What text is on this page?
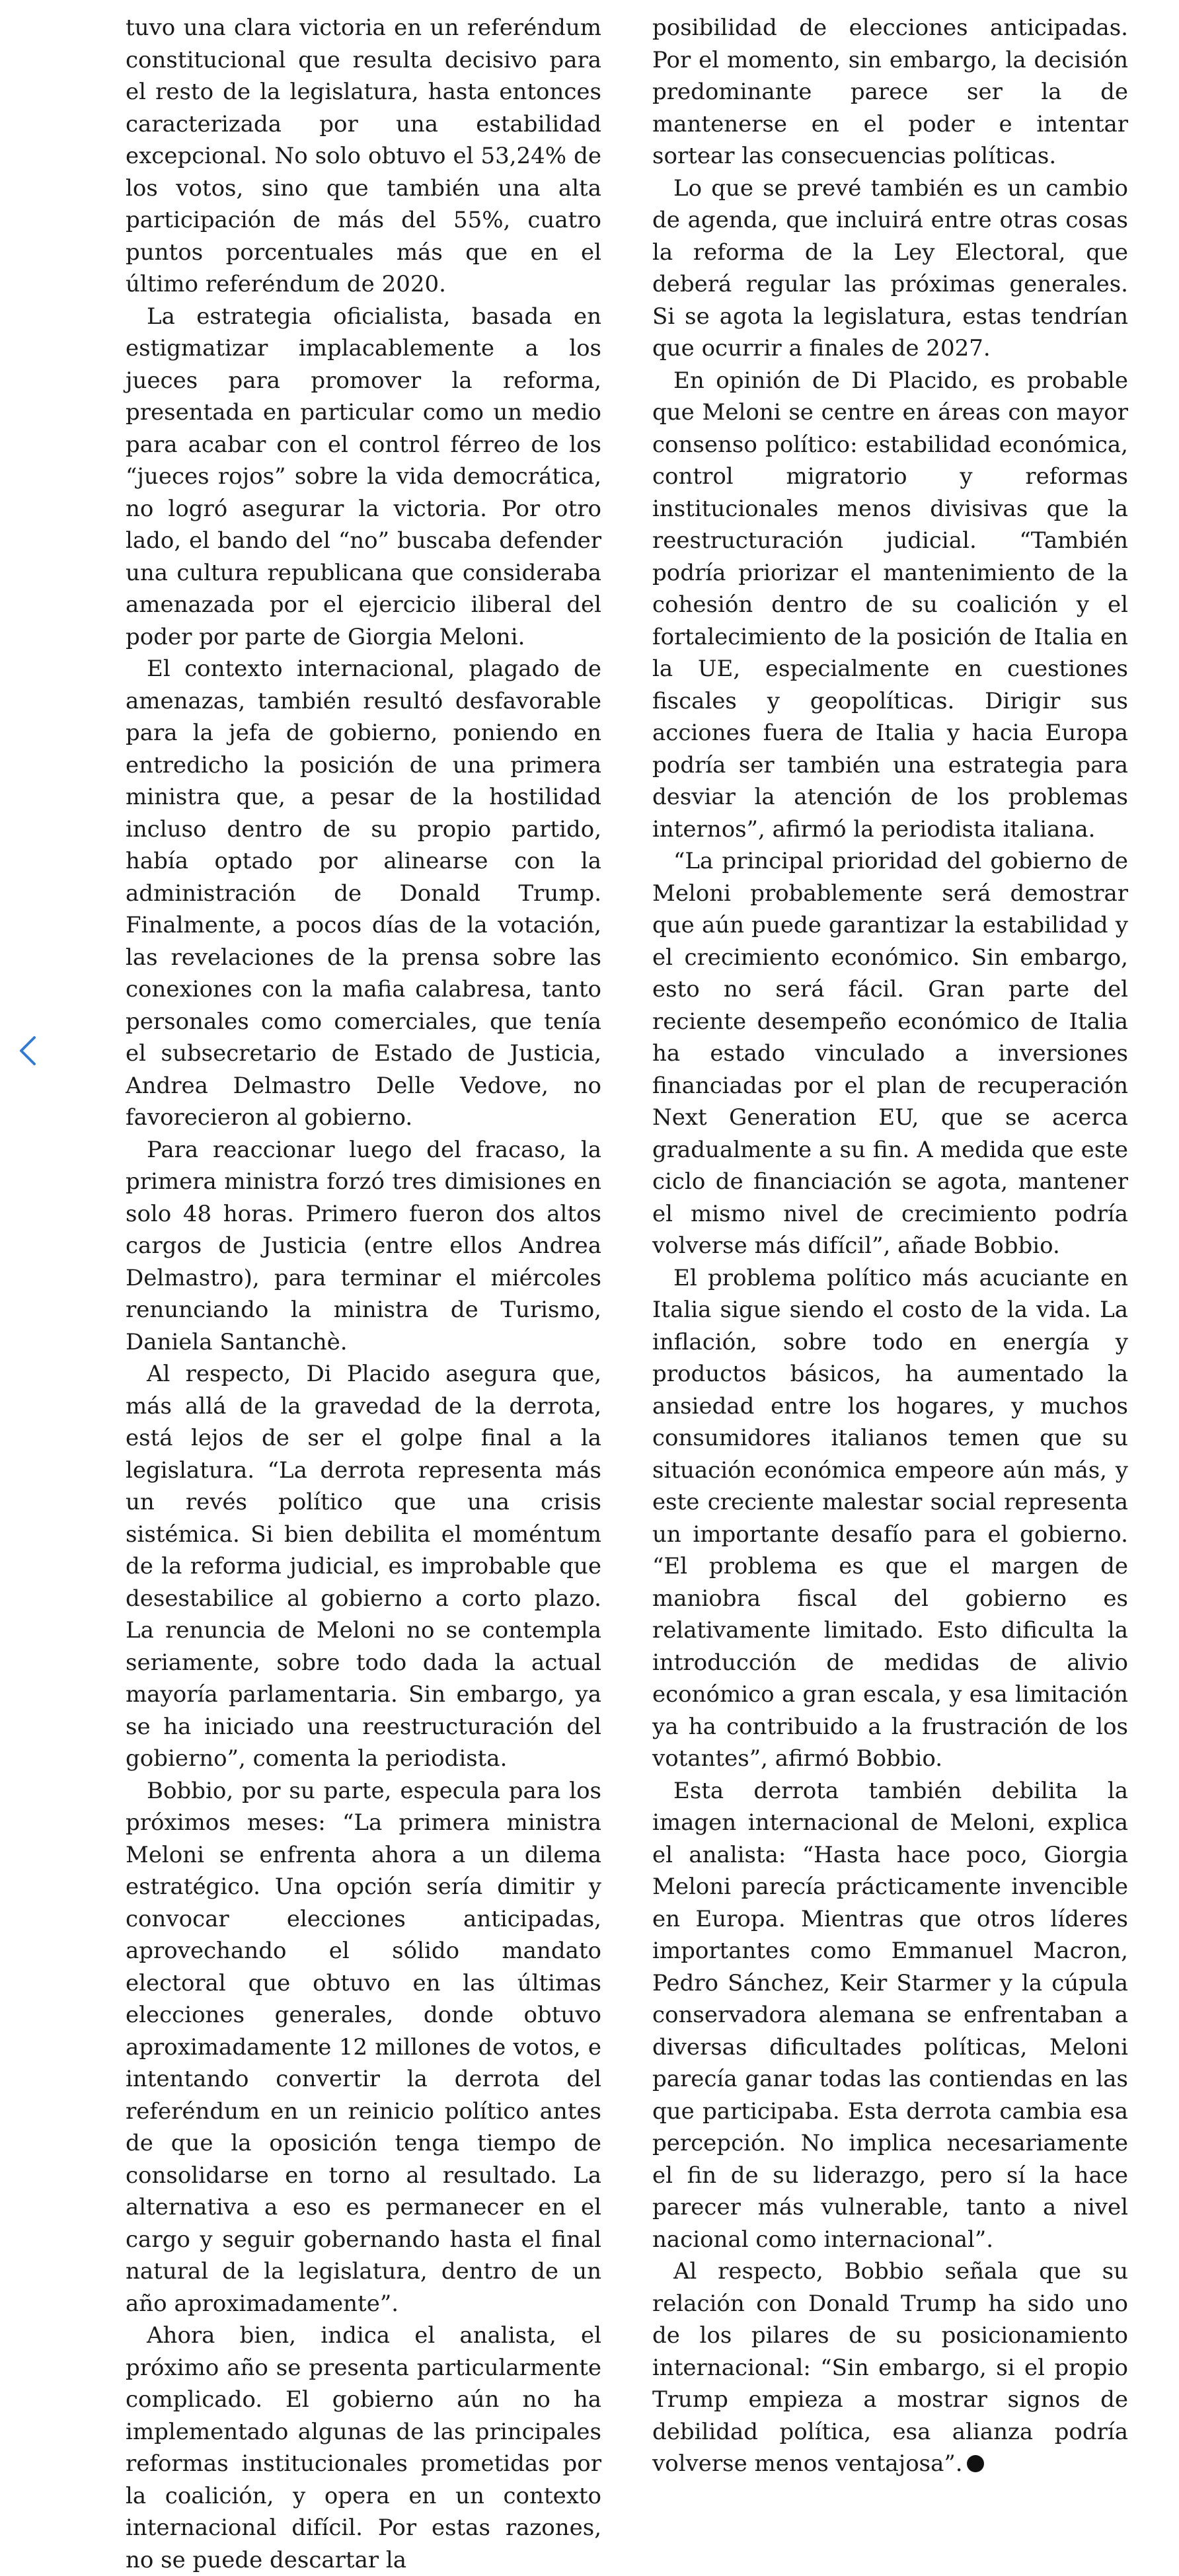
tuvo una clara victoria en un referéndum constitucional que resulta decisivo para el resto de la legislatura, hasta entonces caracterizada por una estabilidad excepcional. No solo obtuvo el 53,24% de los votos, sino que también una alta participación de más del 55%, cuatro puntos porcentuales más que en el último referéndum de 2020.

La estrategia oficialista, basada en estigmatizar implacablemente a los jueces para promover la reforma, presentada en particular como un medio para acabar con el control férreo de los “jueces rojos” sobre la vida democrática, no logró asegurar la victoria. Por otro lado, el bando del “no” buscaba defender una cultura republicana que consideraba amenazada por el ejercicio iliberal del poder por parte de Giorgia Meloni.

El contexto internacional, plagado de amenazas, también resultó desfavorable para la jefa de gobierno, poniendo en entredicho la posición de una primera ministra que, a pesar de la hostilidad incluso dentro de su propio partido, había optado por alinearse con la administración de Donald Trump. Finalmente, a pocos días de la votación, las revelaciones de la prensa sobre las conexiones con la mafia calabresa, tanto personales como comerciales, que tenía el subsecretario de Estado de Justicia, Andrea Delmastro Delle Vedove, no favorecieron al gobierno.

Para reaccionar luego del fracaso, la primera ministra forzó tres dimisiones en solo 48 horas. Primero fueron dos altos cargos de Justicia (entre ellos Andrea Delmastro), para terminar el miércoles renunciando la ministra de Turismo, Daniela Santanchè.

Al respecto, Di Placido asegura que, más allá de la gravedad de la derrota, está lejos de ser el golpe final a la legislatura. “La derrota representa más un revés político que una crisis sistémica. Si bien debilita el moméntum de la reforma judicial, es improbable que desestabilice al gobierno a corto plazo. La renuncia de Meloni no se contempla seriamente, sobre todo dada la actual mayoría parlamentaria. Sin embargo, ya se ha iniciado una reestructuración del gobierno”, comenta la periodista.

Bobbio, por su parte, especula para los próximos meses: “La primera ministra Meloni se enfrenta ahora a un dilema estratégico. Una opción sería dimitir y convocar elecciones anticipadas, aprovechando el sólido mandato electoral que obtuvo en las últimas elecciones generales, donde obtuvo aproximadamente 12 millones de votos, e intentando convertir la derrota del referéndum en un reinicio político antes de que la oposición tenga tiempo de consolidarse en torno al resultado. La alternativa a eso es permanecer en el cargo y seguir gobernando hasta el final natural de la legislatura, dentro de un año aproximadamente”.

Ahora bien, indica el analista, el próximo año se presenta particularmente complicado. El gobierno aún no ha implementado algunas de las principales reformas institucionales prometidas por la coalición, y opera en un contexto internacional difícil. Por estas razones, no se puede descartar la

posibilidad de elecciones anticipadas. Por el momento, sin embargo, la decisión predominante parece ser la de mantenerse en el poder e intentar sortear las consecuencias políticas.

Lo que se prevé también es un cambio de agenda, que incluirá entre otras cosas la reforma de la Ley Electoral, que deberá regular las próximas generales. Si se agota la legislatura, estas tendrían que ocurrir a finales de 2027.

En opinión de Di Placido, es probable que Meloni se centre en áreas con mayor consenso político: estabilidad económica, control migratorio y reformas institucionales menos divisivas que la reestructuración judicial. “También podría priorizar el mantenimiento de la cohesión dentro de su coalición y el fortalecimiento de la posición de Italia en la UE, especialmente en cuestiones fiscales y geopolíticas. Dirigir sus acciones fuera de Italia y hacia Europa podría ser también una estrategia para desviar la atención de los problemas internos”, afirmó la periodista italiana.

“La principal prioridad del gobierno de Meloni probablemente será demostrar que aún puede garantizar la estabilidad y el crecimiento económico. Sin embargo, esto no será fácil. Gran parte del reciente desempeño económico de Italia ha estado vinculado a inversiones financiadas por el plan de recuperación Next Generation EU, que se acerca gradualmente a su fin. A medida que este ciclo de financiación se agota, mantener el mismo nivel de crecimiento podría volverse más difícil”, añade Bobbio.

El problema político más acuciante en Italia sigue siendo el costo de la vida. La inflación, sobre todo en energía y productos básicos, ha aumentado la ansiedad entre los hogares, y muchos consumidores italianos temen que su situación económica empeore aún más, y este creciente malestar social representa un importante desafío para el gobierno. “El problema es que el margen de maniobra fiscal del gobierno es relativamente limitado. Esto dificulta la introducción de medidas de alivio económico a gran escala, y esa limitación ya ha contribuido a la frustración de los votantes”, afirmó Bobbio.

Esta derrota también debilita la imagen internacional de Meloni, explica el analista: “Hasta hace poco, Giorgia Meloni parecía prácticamente invencible en Europa. Mientras que otros líderes importantes como Emmanuel Macron, Pedro Sánchez, Keir Starmer y la cúpula conservadora alemana se enfrentaban a diversas dificultades políticas, Meloni parecía ganar todas las contiendas en las que participaba. Esta derrota cambia esa percepción. No implica necesariamente el fin de su liderazgo, pero sí la hace parecer más vulnerable, tanto a nivel nacional como internacional”.

Al respecto, Bobbio señala que su relación con Donald Trump ha sido uno de los pilares de su posicionamiento internacional: “Sin embargo, si el propio Trump empieza a mostrar signos de debilidad política, esa alianza podría volverse menos ventajosa”.
